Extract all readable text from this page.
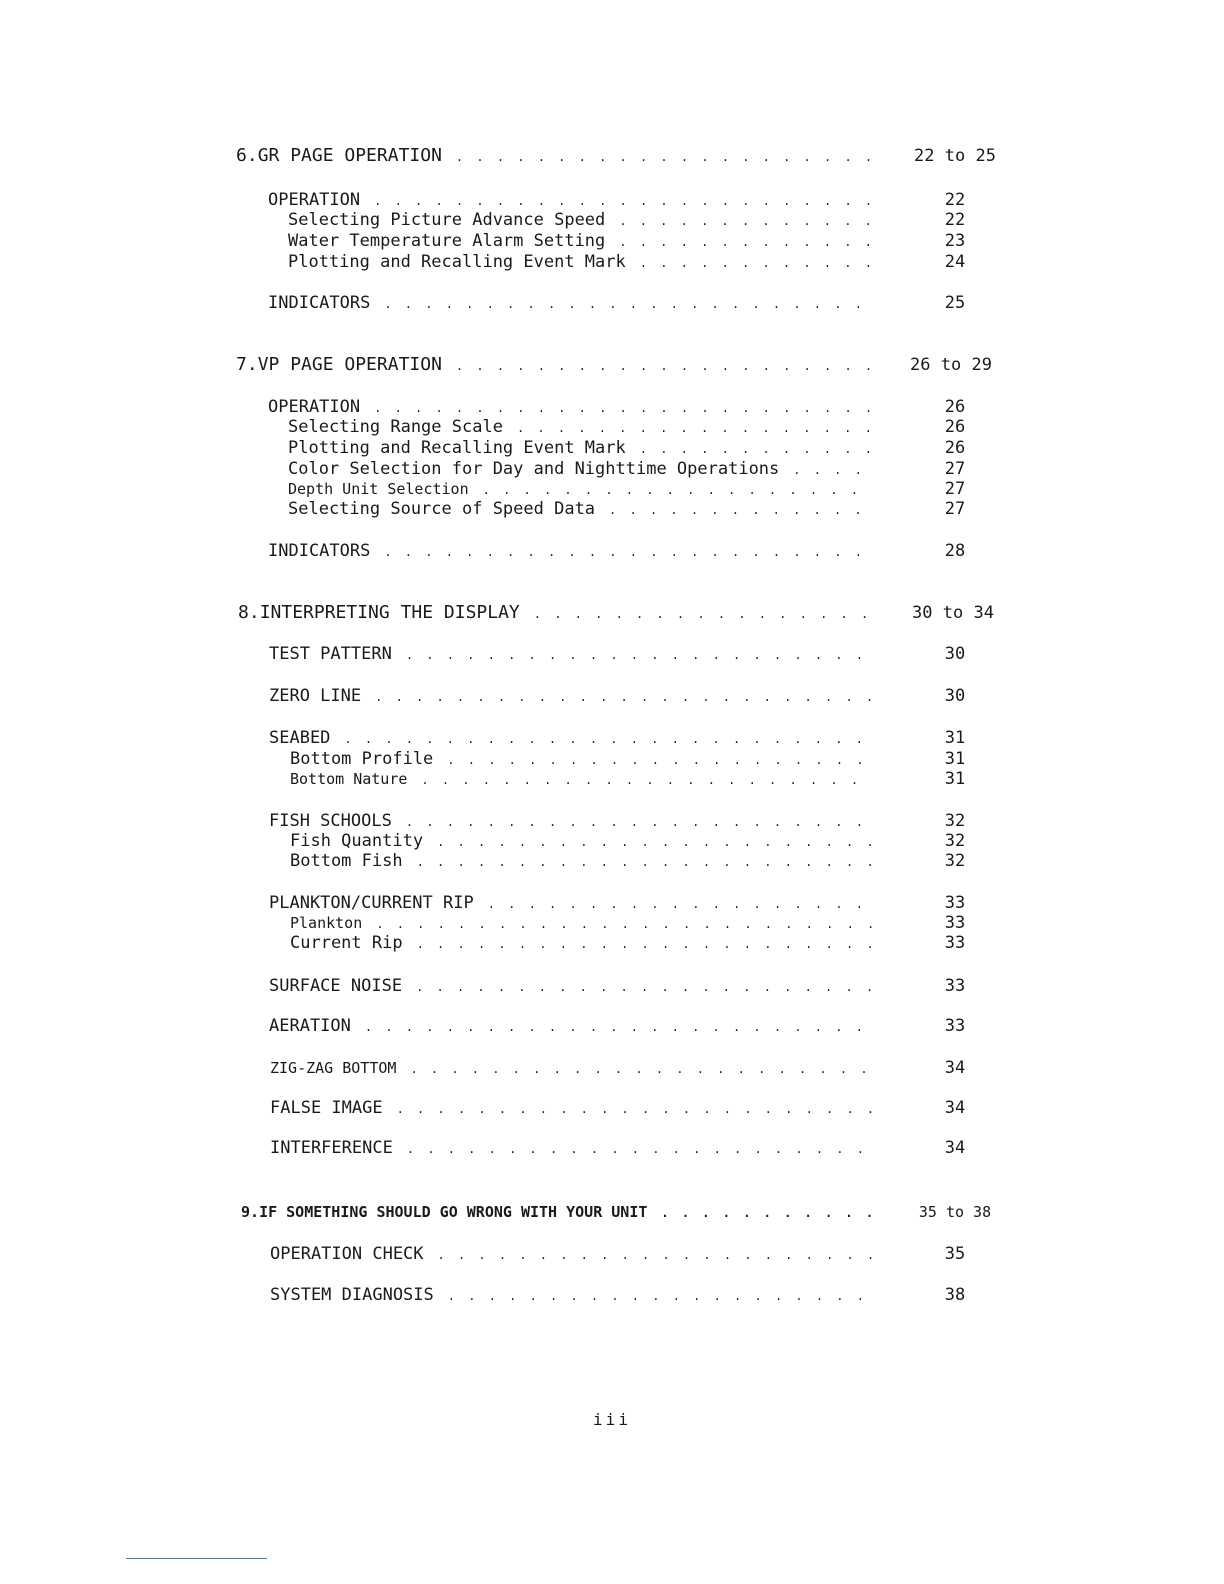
6. GR PAGE OPERATION . . .	22 to 25
OPERATION . . .	22
Selecting Picture Advance Speed . . .	22
Water Temperature Alarm Setting . . .	23
Plotting and Recalling Event Mark . . .	24
INDICATORS . . .	25
7. VP PAGE OPERATION . . .	26 to 29
OPERATION . . .	26
Selecting Range Scale . . .	26
Plotting and Recalling Event Mark . . .	26
Color Selection for Day and Nighttime Operations . . .	27
Depth Unit Selection . . .	27
Selecting Source of Speed Data . . .	27
INDICATORS . . .	28
8. INTERPRETING THE DISPLAY . . .	30 to 34
TEST PATTERN . . .	30
ZERO LINE . . .	30
SEABED . . .	31
Bottom Profile . . .	31
Bottom Nature . . .	31
FISH SCHOOLS . . .	32
Fish Quantity . . .	32
Bottom Fish . . .	32
PLANKTON/CURRENT RIP . . .	33
Plankton . . .	33
Current Rip . . .	33
SURFACE NOISE . . .	33
AERATION . . .	33
ZIG-ZAG BOTTOM . . .	34
FALSE IMAGE . . .	34
INTERFERENCE . . .	34
9. IF SOMETHING SHOULD GO WRONG WITH YOUR UNIT . . .	35 to 38
OPERATION CHECK . . .	35
SYSTEM DIAGNOSIS . . .	38
iii
